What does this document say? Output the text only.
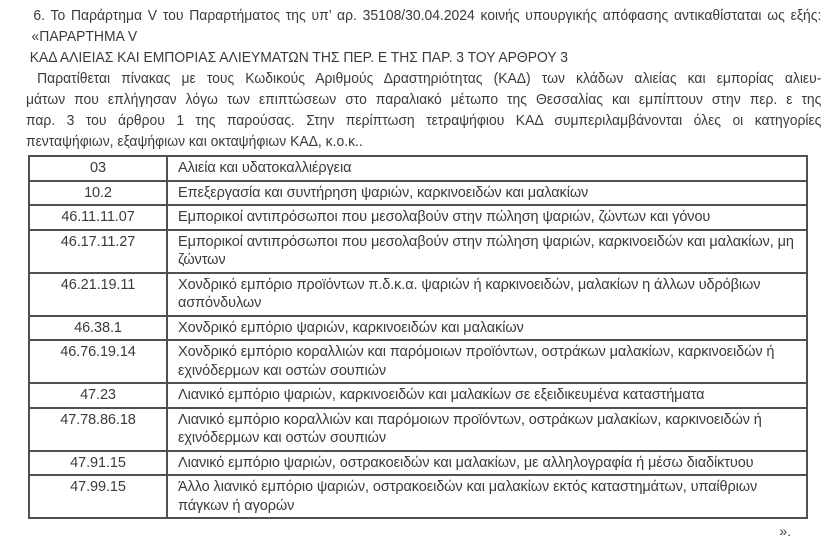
6. Το Παράρτημα V του Παραρτήματος της υπ’ αρ. 35108/30.04.2024 κοινής υπουργικής απόφασης αντικαθίσταται ως εξής:

«ΠΑΡΑΡΤΗΜΑ V

ΚΑΔ ΑΛΙΕΙΑΣ ΚΑΙ ΕΜΠΟΡΙΑΣ ΑΛΙΕΥΜΑΤΩΝ ΤΗΣ ΠΕΡ. Ε ΤΗΣ ΠΑΡ. 3 ΤΟΥ ΑΡΘΡΟΥ 3

Παρατίθεται πίνακας με τους Κωδικούς Αριθμούς Δραστηριότητας (ΚΑΔ) των κλάδων αλιείας και εμπορίας αλιευ-

μάτων που επλήγησαν λόγω των επιπτώσεων στο παραλιακό μέτωπο της Θεσσαλίας και εμπίπτουν στην περ. ε της

παρ. 3 του άρθρου 1 της παρούσας. Στην περίπτωση τετραψήφιου ΚΑΔ συμπεριλαμβάνονται όλες οι κατηγορίες

πενταψήφιων, εξαψήφιων και οκταψήφιων ΚΑΔ, κ.ο.κ..

03	Αλιεία και υδατοκαλλιέργεια
10.2	Επεξεργασία και συντήρηση ψαριών, καρκινοειδών και μαλακίων
46.11.11.07	Εμπορικοί αντιπρόσωποι που μεσολαβούν στην πώληση ψαριών, ζώντων και γόνου
46.17.11.27	Εμπορικοί αντιπρόσωποι που μεσολαβούν στην πώληση ψαριών, καρκινοειδών και μαλακίων, μη ζώντων
46.21.19.11	Χονδρικό εμπόριο προϊόντων π.δ.κ.α. ψαριών ή καρκινοειδών, μαλακίων η άλλων υδρόβιων ασπόνδυλων
46.38.1	Χονδρικό εμπόριο ψαριών, καρκινοειδών και μαλακίων
46.76.19.14	Χονδρικό εμπόριο κοραλλιών και παρόμοιων προϊόντων, οστράκων μαλακίων, καρκινοειδών ή εχινόδερμων και οστών σουπιών
47.23	Λιανικό εμπόριο ψαριών, καρκινοειδών και μαλακίων σε εξειδικευμένα καταστήματα
47.78.86.18	Λιανικό εμπόριο κοραλλιών και παρόμοιων προϊόντων, οστράκων μαλακίων, καρκινοειδών ή εχινόδερμων και οστών σουπιών
47.91.15	Λιανικό εμπόριο ψαριών, οστρακοειδών και μαλακίων, με αλληλογραφία ή μέσω διαδίκτυου
47.99.15	Άλλο λιανικό εμπόριο ψαριών, οστρακοειδών και μαλακίων εκτός καταστημάτων, υπαίθριων πάγκων ή αγορών

».
